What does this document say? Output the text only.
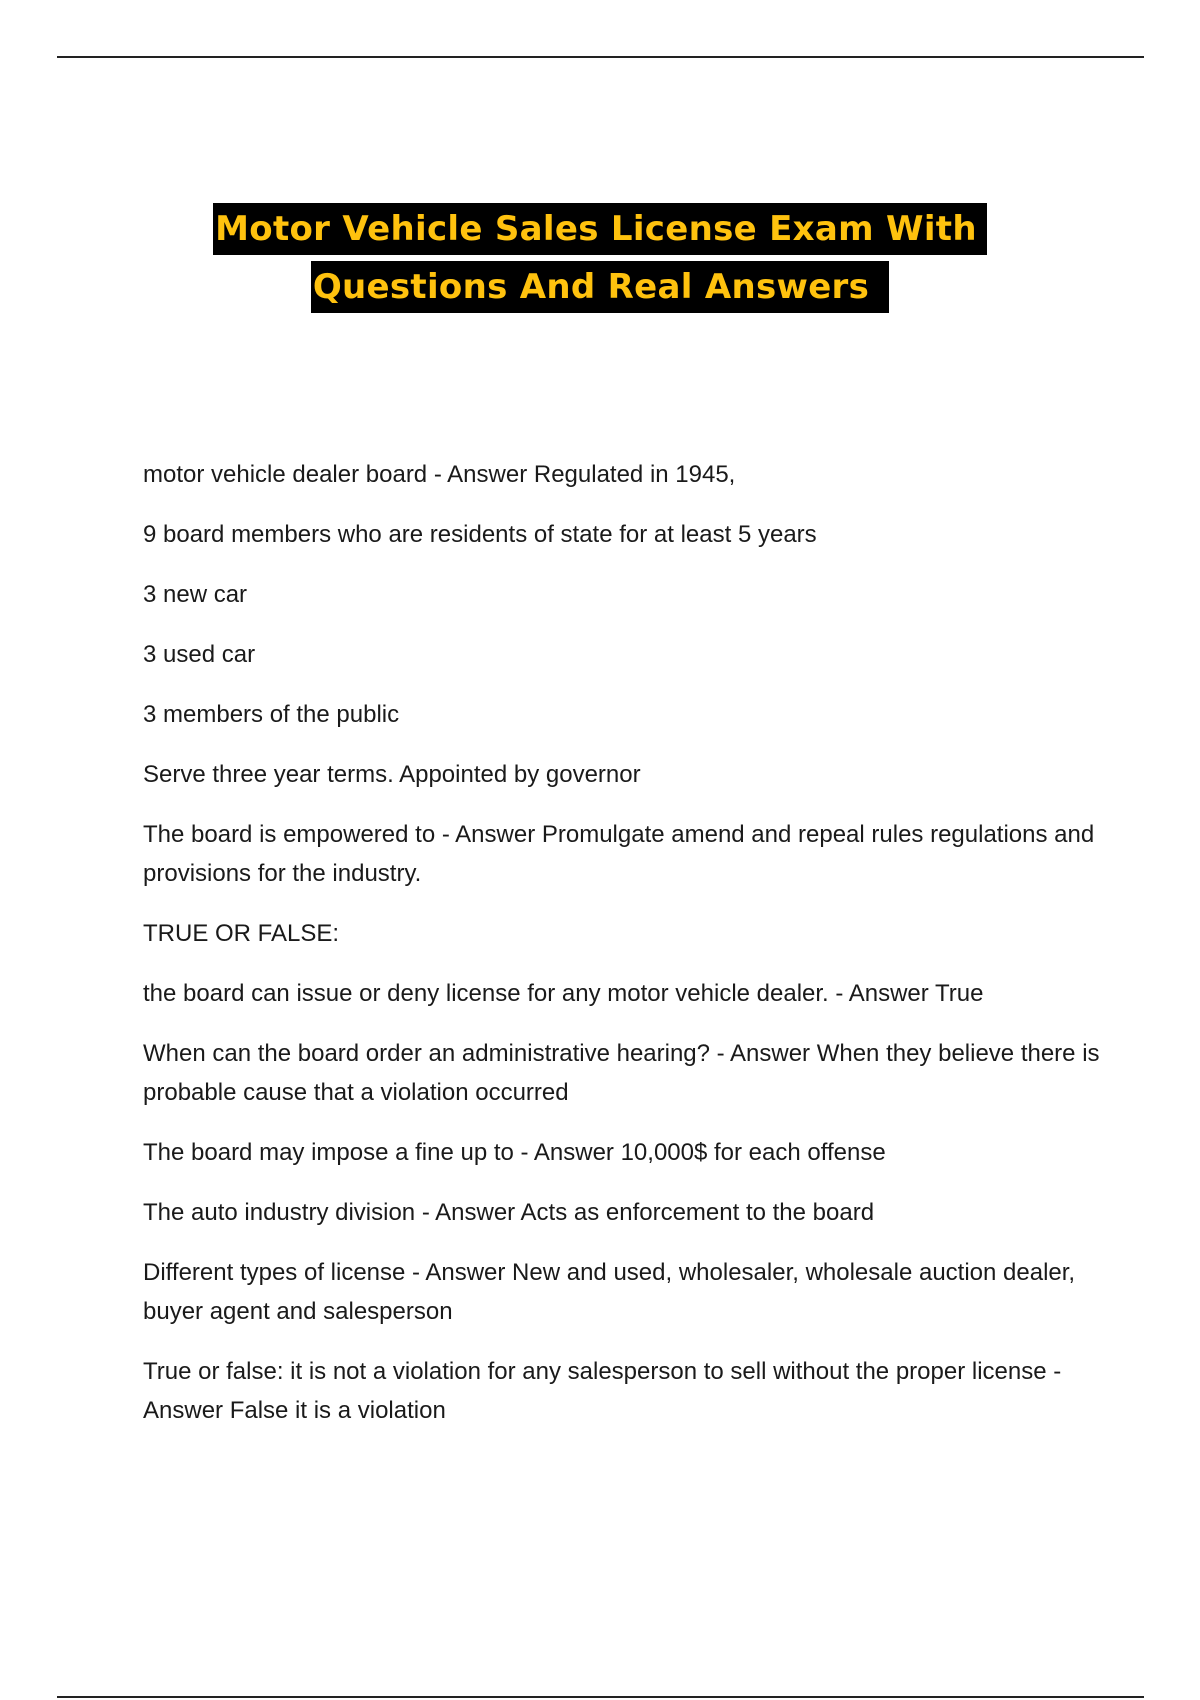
Motor Vehicle Sales License Exam With
Questions And Real Answers

motor vehicle dealer board - Answer Regulated in 1945,

9 board members who are residents of state for at least 5 years

3 new car

3 used car

3 members of the public

Serve three year terms. Appointed by governor

The board is empowered to - Answer Promulgate amend and repeal rules regulations and provisions for the industry.

TRUE OR FALSE:

the board can issue or deny license for any motor vehicle dealer. - Answer True

When can the board order an administrative hearing? - Answer When they believe there is probable cause that a violation occurred

The board may impose a fine up to - Answer 10,000$ for each offense

The auto industry division - Answer Acts as enforcement to the board

Different types of license - Answer New and used, wholesaler, wholesale auction dealer, buyer agent and salesperson

True or false: it is not a violation for any salesperson to sell without the proper license - Answer False it is a violation
